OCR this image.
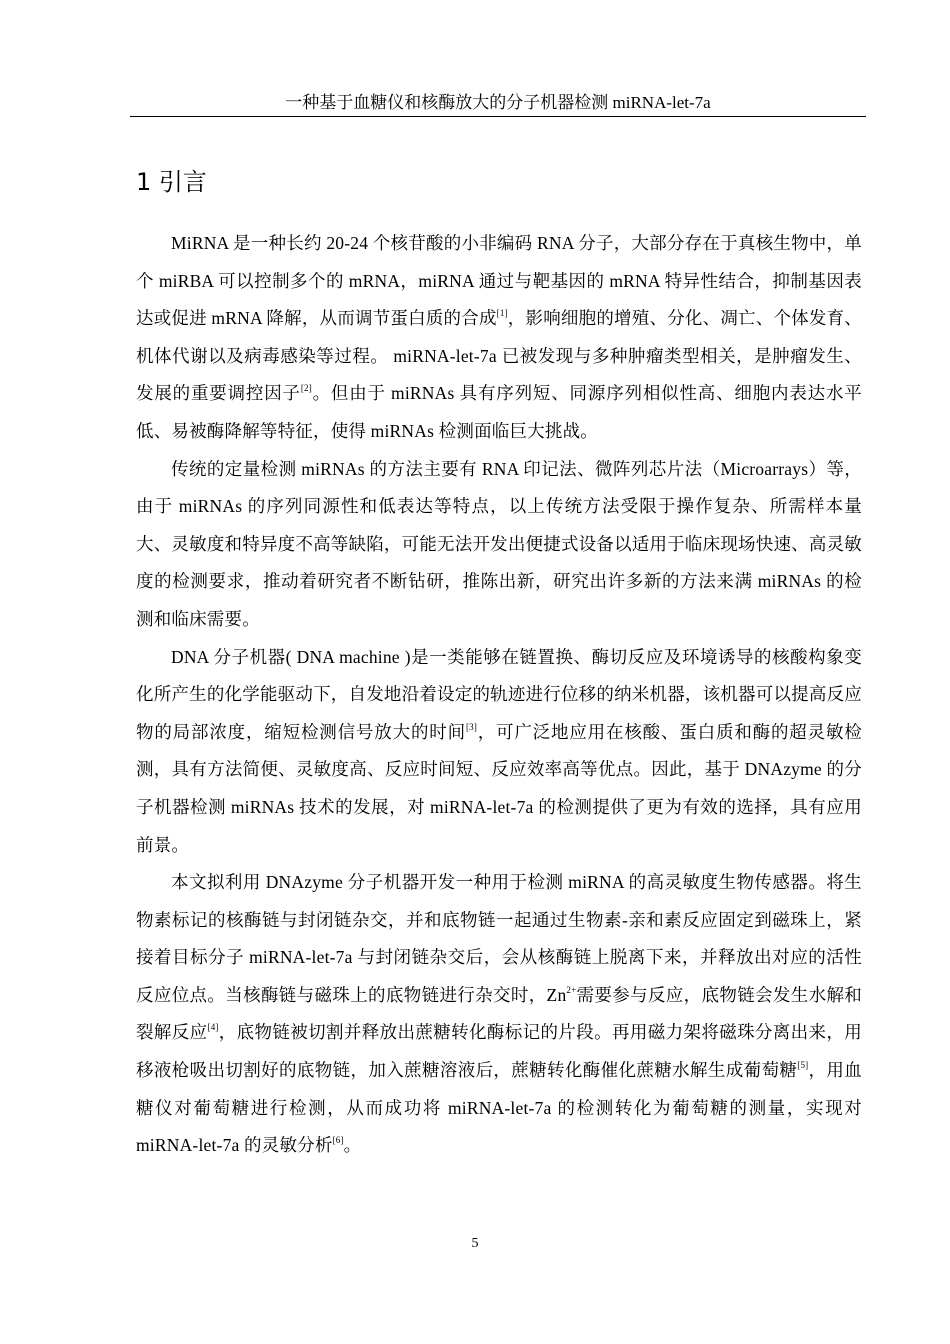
一种基于血糖仪和核酶放大的分子机器检测 miRNA-let-7a
1 引言

MiRNA 是一种长约 20-24 个核苷酸的小非编码 RNA 分子，大部分存在于真核生物中，单个 miRBA 可以控制多个的 mRNA，miRNA 通过与靶基因的 mRNA 特异性结合，抑制基因表达或促进 mRNA 降解，从而调节蛋白质的合成[1]，影响细胞的增殖、分化、凋亡、个体发育、机体代谢以及病毒感染等过程。 miRNA-let-7a 已被发现与多种肿瘤类型相关，是肿瘤发生、发展的重要调控因子[2]。但由于 miRNAs 具有序列短、同源序列相似性高、细胞内表达水平低、易被酶降解等特征，使得 miRNAs 检测面临巨大挑战。

传统的定量检测 miRNAs 的方法主要有 RNA 印记法、微阵列芯片法（Microarrays）等，由于 miRNAs 的序列同源性和低表达等特点，以上传统方法受限于操作复杂、所需样本量大、灵敏度和特异度不高等缺陷，可能无法开发出便捷式设备以适用于临床现场快速、高灵敏度的检测要求，推动着研究者不断钻研，推陈出新，研究出许多新的方法来满 miRNAs 的检测和临床需要。

DNA 分子机器( DNA machine )是一类能够在链置换、酶切反应及环境诱导的核酸构象变化所产生的化学能驱动下，自发地沿着设定的轨迹进行位移的纳米机器，该机器可以提高反应物的局部浓度，缩短检测信号放大的时间[3]，可广泛地应用在核酸、蛋白质和酶的超灵敏检测，具有方法简便、灵敏度高、反应时间短、反应效率高等优点。因此，基于 DNAzyme 的分子机器检测 miRNAs 技术的发展，对 miRNA-let-7a 的检测提供了更为有效的选择，具有应用前景。

本文拟利用 DNAzyme 分子机器开发一种用于检测 miRNA 的高灵敏度生物传感器。将生物素标记的核酶链与封闭链杂交，并和底物链一起通过生物素-亲和素反应固定到磁珠上，紧接着目标分子 miRNA-let-7a 与封闭链杂交后，会从核酶链上脱离下来，并释放出对应的活性反应位点。当核酶链与磁珠上的底物链进行杂交时，$Zn^{2+}$需要参与反应，底物链会发生水解和裂解反应[4]，底物链被切割并释放出蔗糖转化酶标记的片段。再用磁力架将磁珠分离出来，用移液枪吸出切割好的底物链，加入蔗糖溶液后，蔗糖转化酶催化蔗糖水解生成葡萄糖[5]，用血糖仪对葡萄糖进行检测，从而成功将 miRNA-let-7a 的检测转化为葡萄糖的测量，实现对 miRNA-let-7a 的灵敏分析[6]。

5
